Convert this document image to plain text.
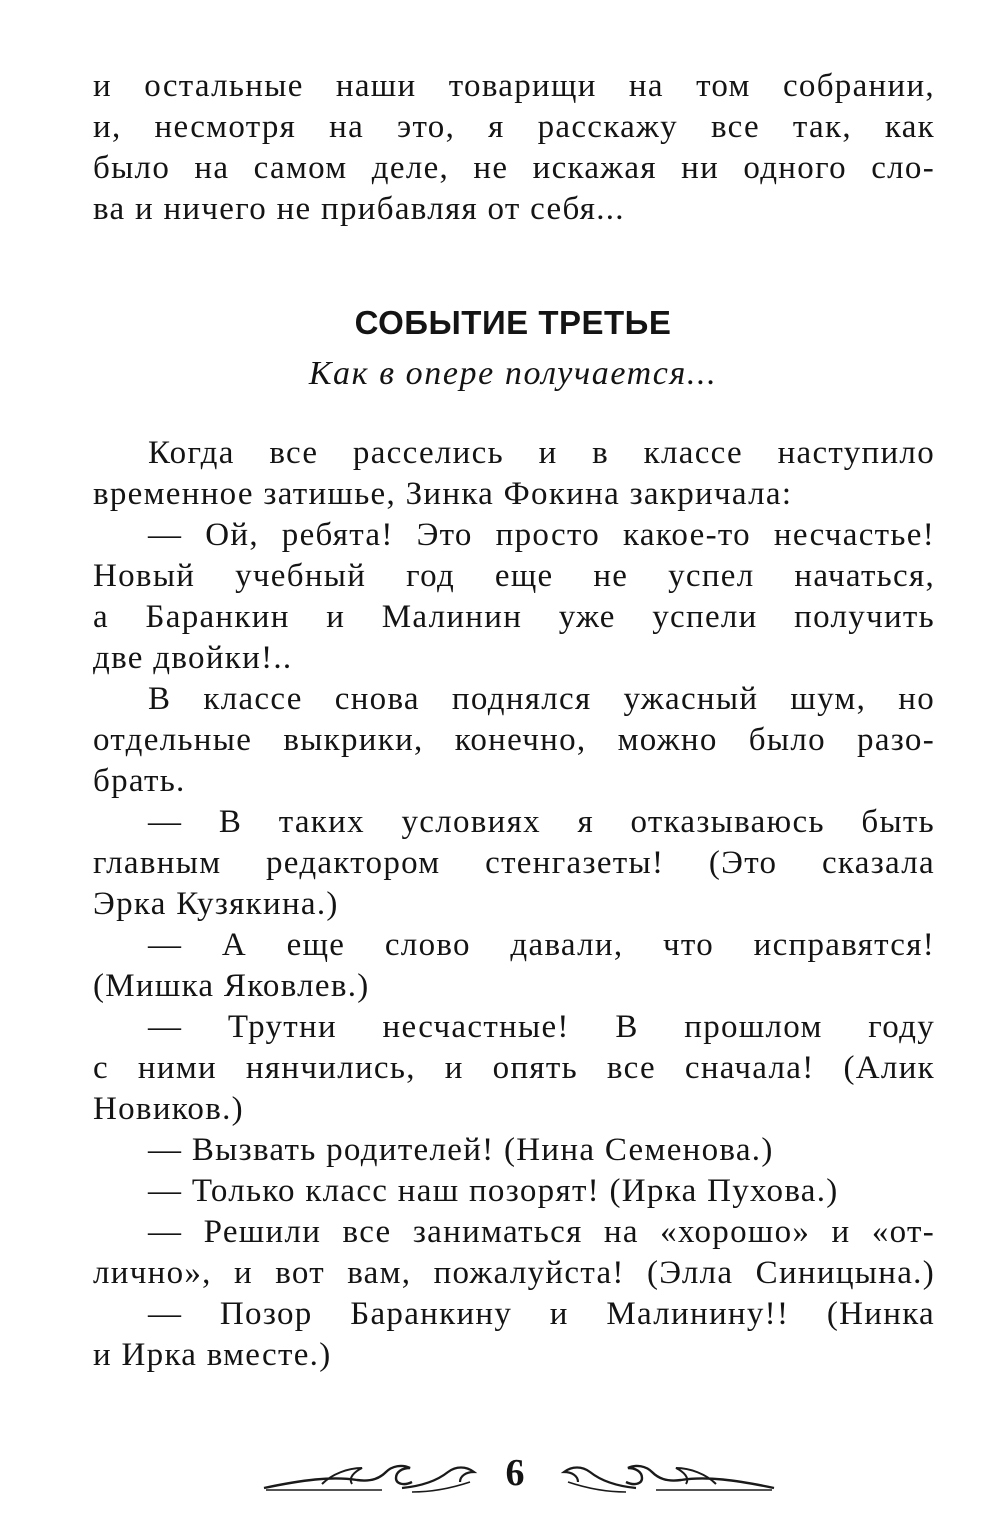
и остальные наши товарищи на том собрании,
и, несмотря на это, я расскажу все так, как
было на самом деле, не искажая ни одного сло-
ва и ничего не прибавляя от себя...
СОБЫТИЕ ТРЕТЬЕ
Как в опере получается...
Когда все расселись и в классе наступило
временное затишье, Зинка Фокина закричала:
— Ой, ребята! Это просто какое-то несчастье!
Новый учебный год еще не успел начаться,
а Баранкин и Малинин уже успели получить
две двойки!..
В классе снова поднялся ужасный шум, но
отдельные выкрики, конечно, можно было разо-
брать.
— В таких условиях я отказываюсь быть
главным редактором стенгазеты! (Это сказала
Эрка Кузякина.)
— А еще слово давали, что исправятся!
(Мишка Яковлев.)
— Трутни несчастные! В прошлом году
с ними нянчились, и опять все сначала! (Алик
Новиков.)
— Вызвать родителей! (Нина Семенова.)
— Только класс наш позорят! (Ирка Пухова.)
— Решили все заниматься на «хорошо» и «от-
лично», и вот вам, пожалуйста! (Элла Синицына.)
— Позор Баранкину и Малинину!! (Нинка
и Ирка вместе.)
6
